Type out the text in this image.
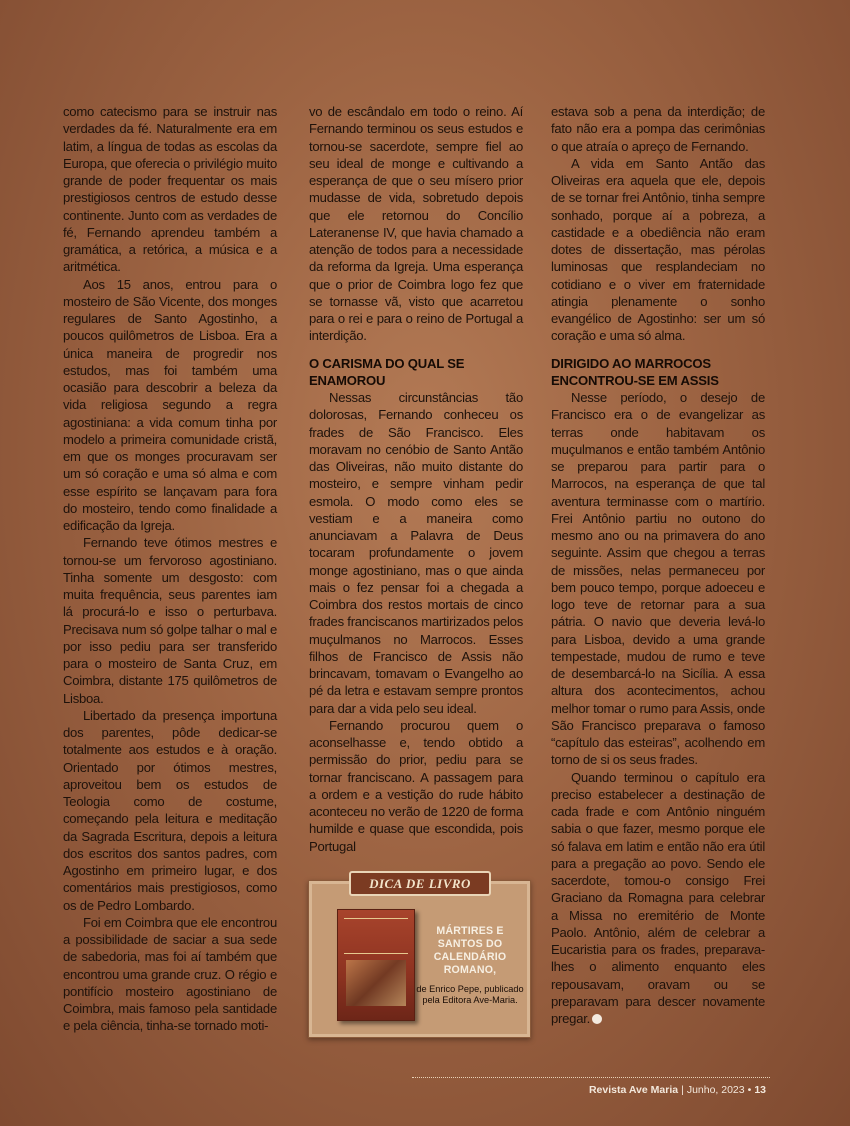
como catecismo para se instruir nas verdades da fé. Naturalmente era em latim, a língua de todas as escolas da Europa, que oferecia o privilégio muito grande de poder frequentar os mais prestigiosos centros de estudo desse continente. Junto com as verdades de fé, Fernando aprendeu também a gramática, a retórica, a música e a aritmética.

Aos 15 anos, entrou para o mosteiro de São Vicente, dos monges regulares de Santo Agostinho, a poucos quilômetros de Lisboa. Era a única maneira de progredir nos estudos, mas foi também uma ocasião para descobrir a beleza da vida religiosa segundo a regra agostiniana: a vida comum tinha por modelo a primeira comunidade cristã, em que os monges procuravam ser um só coração e uma só alma e com esse espírito se lançavam para fora do mosteiro, tendo como finalidade a edificação da Igreja.

Fernando teve ótimos mestres e tornou-se um fervoroso agostiniano. Tinha somente um desgosto: com muita frequência, seus parentes iam lá procurá-lo e isso o perturbava. Precisava num só golpe talhar o mal e por isso pediu para ser transferido para o mosteiro de Santa Cruz, em Coimbra, distante 175 quilômetros de Lisboa.

Libertado da presença importuna dos parentes, pôde dedicar-se totalmente aos estudos e à oração. Orientado por ótimos mestres, aproveitou bem os estudos de Teologia como de costume, começando pela leitura e meditação da Sagrada Escritura, depois a leitura dos escritos dos santos padres, com Agostinho em primeiro lugar, e dos comentários mais prestigiosos, como os de Pedro Lombardo.

Foi em Coimbra que ele encontrou a possibilidade de saciar a sua sede de sabedoria, mas foi aí também que encontrou uma grande cruz. O régio e pontifício mosteiro agostiniano de Coimbra, mais famoso pela santidade e pela ciência, tinha-se tornado moti-

vo de escândalo em todo o reino. Aí Fernando terminou os seus estudos e tornou-se sacerdote, sempre fiel ao seu ideal de monge e cultivando a esperança de que o seu mísero prior mudasse de vida, sobretudo depois que ele retornou do Concílio Lateranense IV, que havia chamado a atenção de todos para a necessidade da reforma da Igreja. Uma esperança que o prior de Coimbra logo fez que se tornasse vã, visto que acarretou para o rei e para o reino de Portugal a interdição.

O CARISMA DO QUAL SE ENAMOROU

Nessas circunstâncias tão dolorosas, Fernando conheceu os frades de São Francisco. Eles moravam no cenóbio de Santo Antão das Oliveiras, não muito distante do mosteiro, e sempre vinham pedir esmola. O modo como eles se vestiam e a maneira como anunciavam a Palavra de Deus tocaram profundamente o jovem monge agostiniano, mas o que ainda mais o fez pensar foi a chegada a Coimbra dos restos mortais de cinco frades franciscanos martirizados pelos muçulmanos no Marrocos. Esses filhos de Francisco de Assis não brincavam, tomavam o Evangelho ao pé da letra e estavam sempre prontos para dar a vida pelo seu ideal.

Fernando procurou quem o aconselhasse e, tendo obtido a permissão do prior, pediu para se tornar franciscano. A passagem para a ordem e a vestição do rude hábito aconteceu no verão de 1220 de forma humilde e quase que escondida, pois Portugal

estava sob a pena da interdição; de fato não era a pompa das cerimônias o que atraía o apreço de Fernando.

A vida em Santo Antão das Oliveiras era aquela que ele, depois de se tornar frei Antônio, tinha sempre sonhado, porque aí a pobreza, a castidade e a obediência não eram dotes de dissertação, mas pérolas luminosas que resplandeciam no cotidiano e o viver em fraternidade atingia plenamente o sonho evangélico de Agostinho: ser um só coração e uma só alma.

DIRIGIDO AO MARROCOS ENCONTROU-SE EM ASSIS

Nesse período, o desejo de Francisco era o de evangelizar as terras onde habitavam os muçulmanos e então também Antônio se preparou para partir para o Marrocos, na esperança de que tal aventura terminasse com o martírio. Frei Antônio partiu no outono do mesmo ano ou na primavera do ano seguinte. Assim que chegou a terras de missões, nelas permaneceu por bem pouco tempo, porque adoeceu e logo teve de retornar para a sua pátria. O navio que deveria levá-lo para Lisboa, devido a uma grande tempestade, mudou de rumo e teve de desembarcá-lo na Sicília. A essa altura dos acontecimentos, achou melhor tomar o rumo para Assis, onde São Francisco preparava o famoso “capítulo das esteiras”, acolhendo em torno de si os seus frades.

Quando terminou o capítulo era preciso estabelecer a destinação de cada frade e com Antônio ninguém sabia o que fazer, mesmo porque ele só falava em latim e então não era útil para a pregação ao povo. Sendo ele sacerdote, tomou-o consigo Frei Graciano da Romagna para celebrar a Missa no eremitério de Monte Paolo. Antônio, além de celebrar a Eucaristia para os frades, preparava-lhes o alimento enquanto eles repousavam, oravam ou se preparavam para descer novamente pregar.

DICA DE LIVRO
MÁRTIRES E SANTOS DO CALENDÁRIO ROMANO,
de Enrico Pepe, publicado pela Editora Ave-Maria.
Revista Ave Maria | Junho, 2023 • 13
